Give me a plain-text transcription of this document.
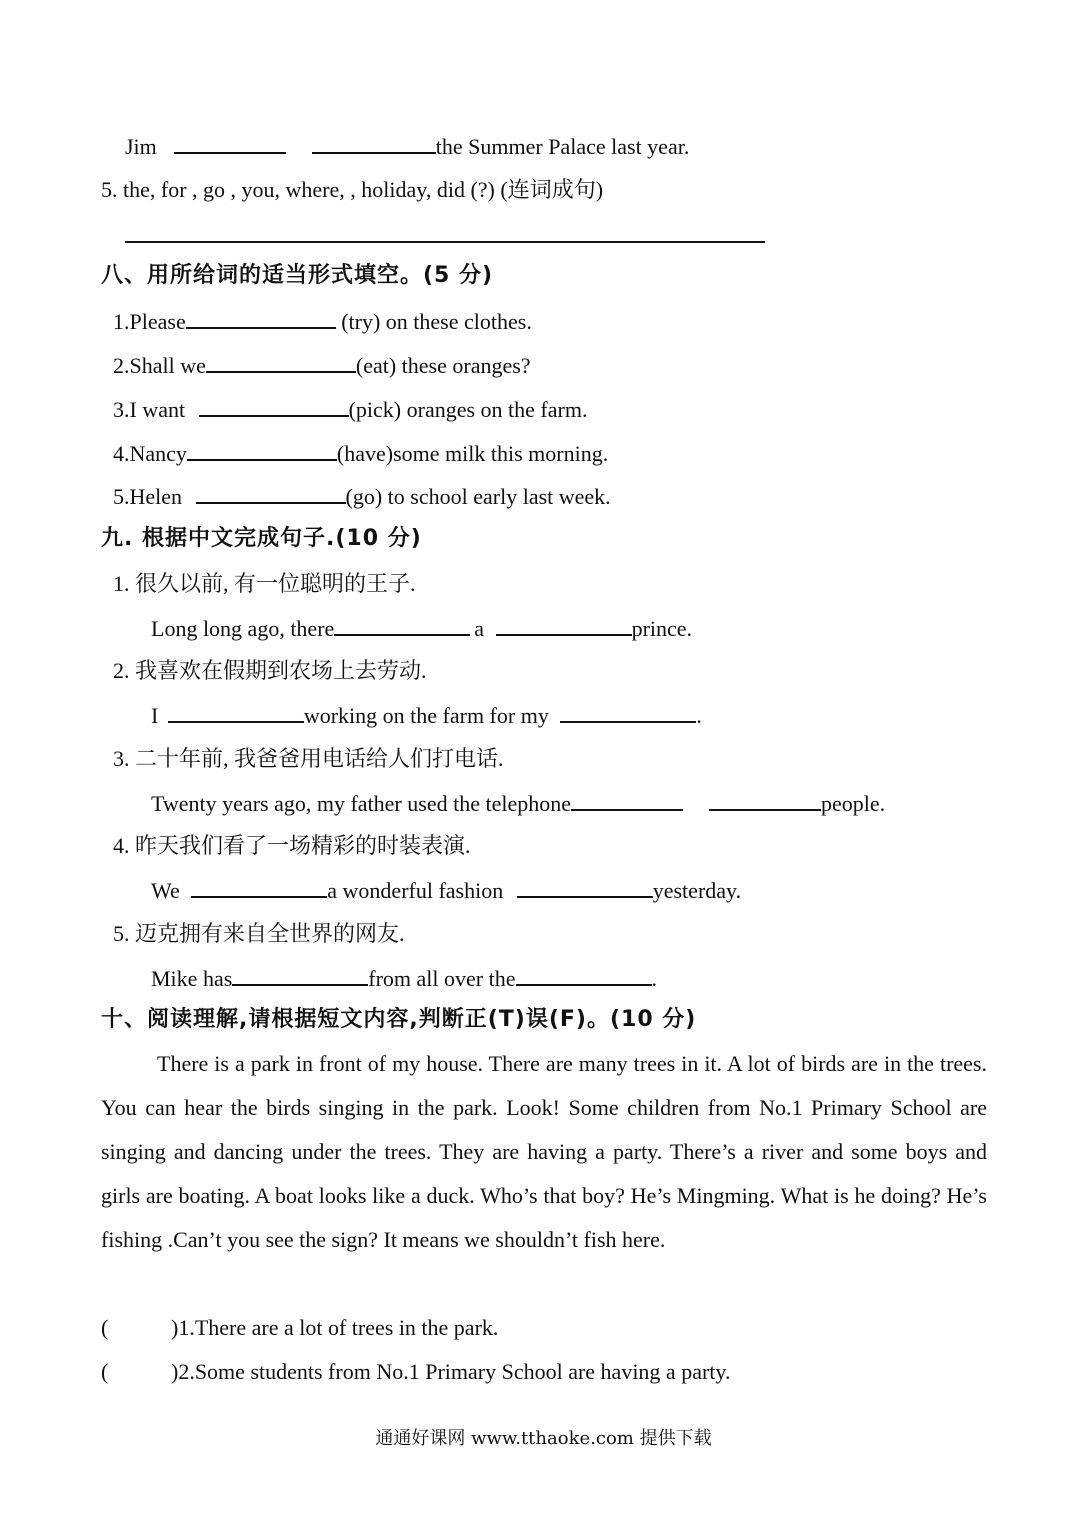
Jim	the Summer Palace last year.
5. the, for , go , you, where, , holiday, did (?) (连词成句)
八、用所给词的适当形式填空。(5 分)
1.Please	(try) on these clothes.
2.Shall we	(eat) these oranges?
3.I want	(pick) oranges on the farm.
4.Nancy	(have)some milk this morning.
5.Helen	(go) to school early last week.
九. 根据中文完成句子.(10 分)
1. 很久以前, 有一位聪明的王子.
Long long ago, there	a	prince.
2. 我喜欢在假期到农场上去劳动.
I	working on the farm for my	.
3. 二十年前, 我爸爸用电话给人们打电话.
Twenty years ago, my father used the telephone	people.
4. 昨天我们看了一场精彩的时装表演.
We	a wonderful fashion	yesterday.
5. 迈克拥有来自全世界的网友.
Mike has	from all over the	.
十、阅读理解,请根据短文内容,判断正(T)误(F)。(10 分)

There is a park in front of my house. There are many trees in it. A lot of birds are in the trees. You can hear the birds singing in the park. Look! Some children from No.1 Primary School are singing and dancing under the trees. They are having a party. There’s a river and some boys and girls are boating. A boat looks like a duck. Who’s that boy? He’s Mingming. What is he doing? He’s fishing .Can’t you see the sign? It means we shouldn’t fish here.

(	)1.There are a lot of trees in the park.
(	)2.Some students from No.1 Primary School are having a party.
通通好课网 www.tthaoke.com 提供下载
